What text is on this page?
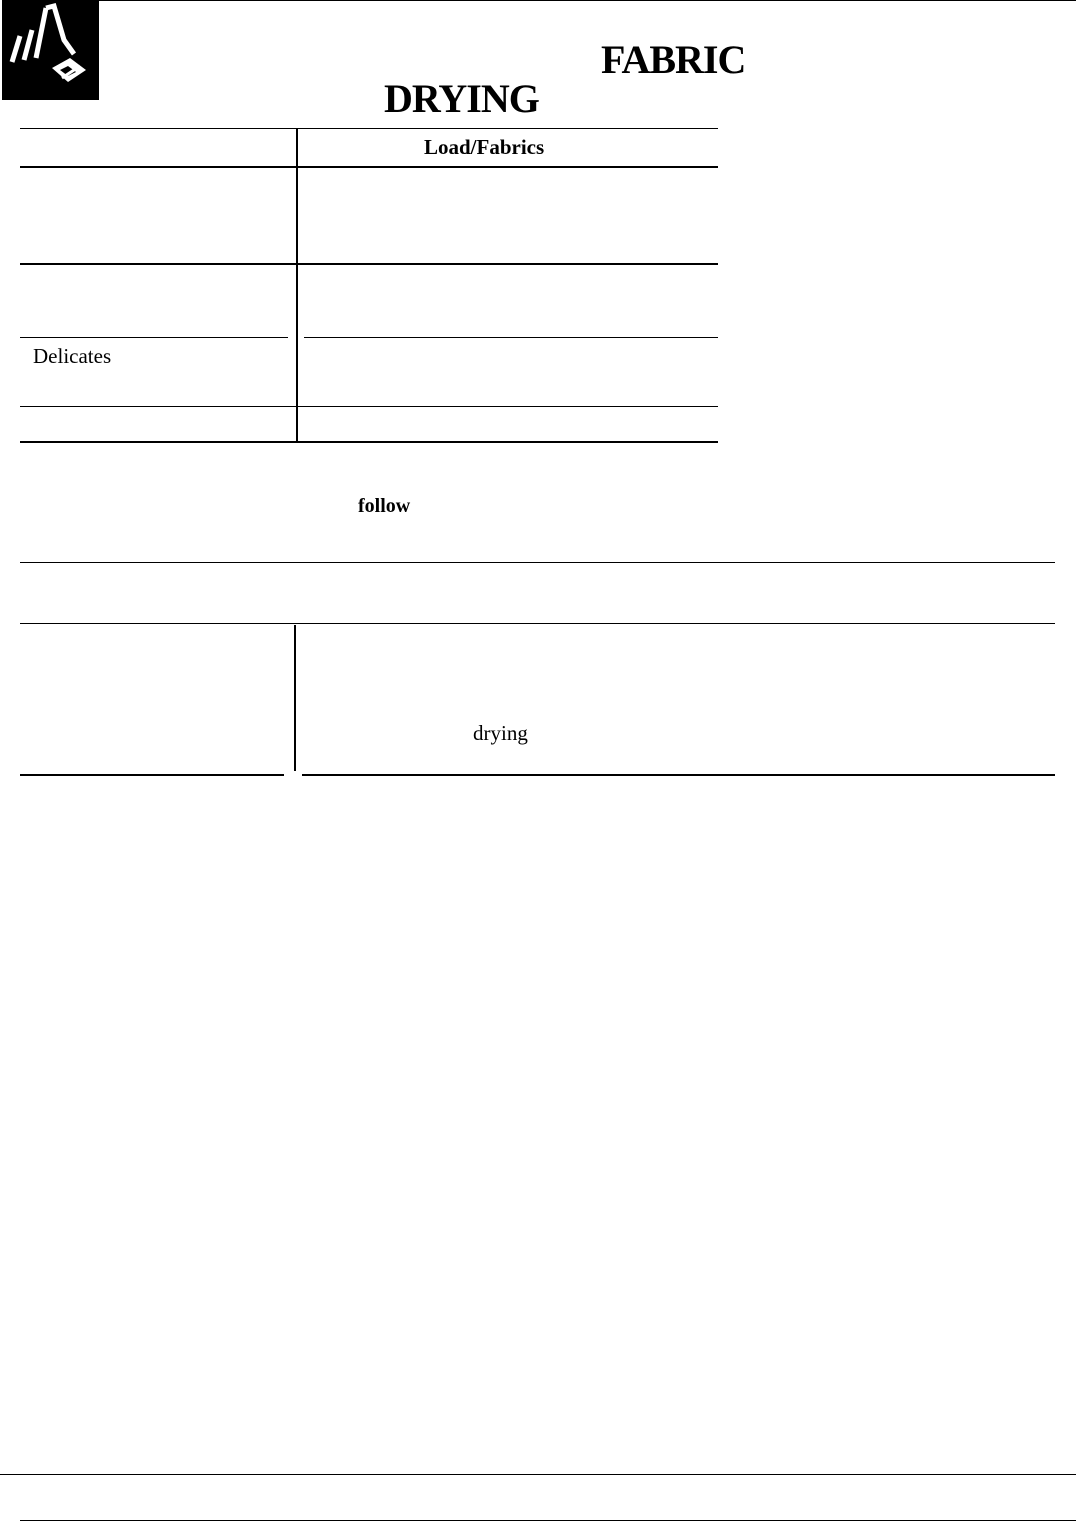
FABRIC
DRYING
Load/Fabrics
Delicates
follow
drying
